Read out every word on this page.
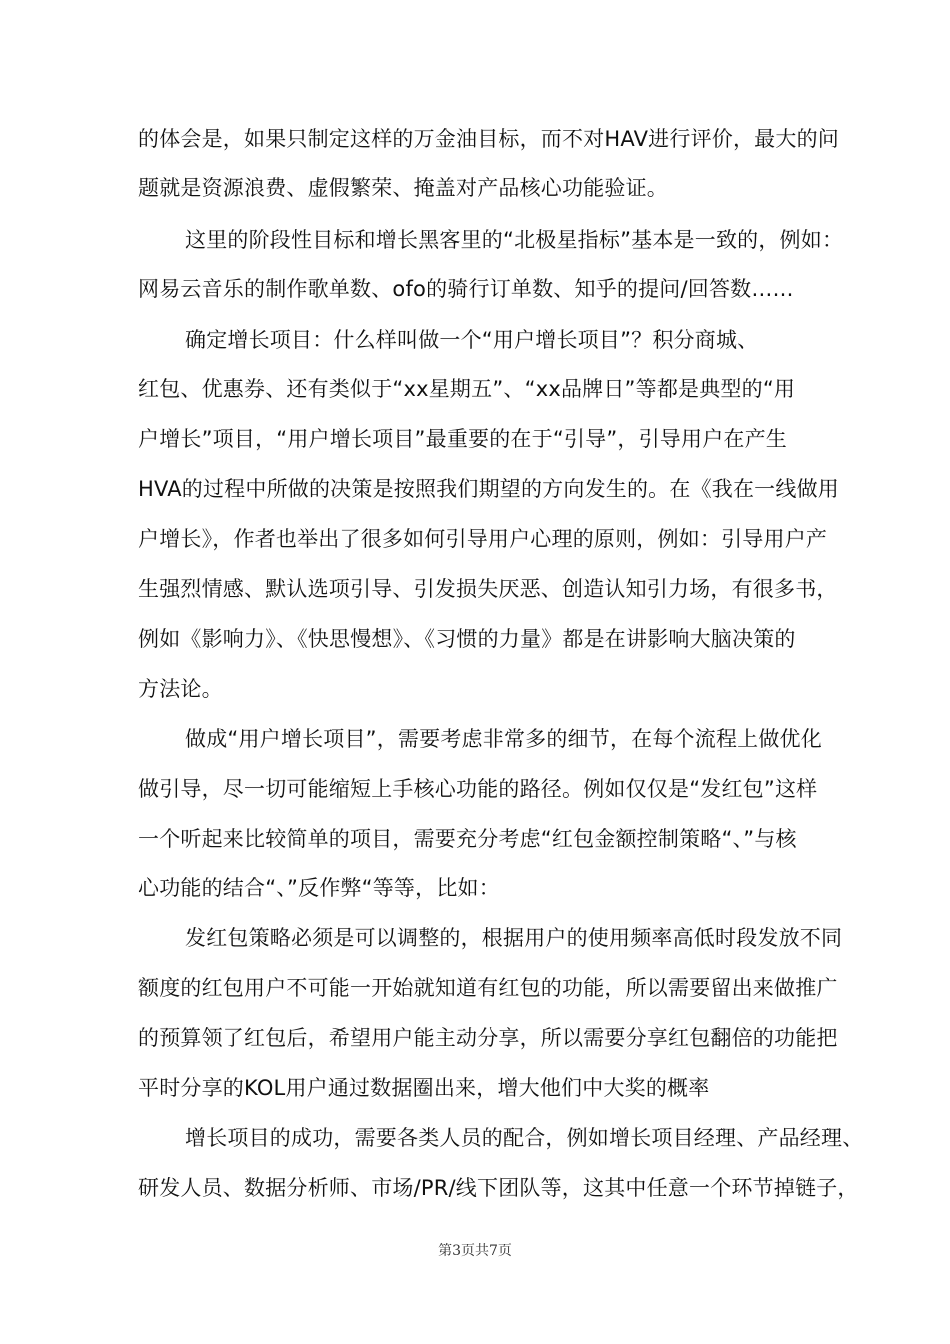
的体会是，如果只制定这样的万金油目标，而不对HAV进行评价，最大的问
题就是资源浪费、虚假繁荣、掩盖对产品核心功能验证。
这里的阶段性目标和增长黑客里的“北极星指标”基本是一致的，例如：
网易云音乐的制作歌单数、ofo的骑行订单数、知乎的提问/回答数……
确定增长项目：什么样叫做一个“用户增长项目”？积分商城、
红包、优惠券、还有类似于“xx星期五”、“xx品牌日”等都是典型的“用
户增长”项目，“用户增长项目”最重要的在于“引导”，引导用户在产生
HVA的过程中所做的决策是按照我们期望的方向发生的。在《我在一线做用
户增长》，作者也举出了很多如何引导用户心理的原则，例如：引导用户产
生强烈情感、默认选项引导、引发损失厌恶、创造认知引力场，有很多书，
例如《影响力》、《快思慢想》、《习惯的力量》都是在讲影响大脑决策的
方法论。
做成“用户增长项目”，需要考虑非常多的细节，在每个流程上做优化
做引导，尽一切可能缩短上手核心功能的路径。例如仅仅是“发红包”这样
一个听起来比较简单的项目，需要充分考虑“红包金额控制策略“、”与核
心功能的结合“、”反作弊“等等，比如：
发红包策略必须是可以调整的，根据用户的使用频率高低时段发放不同
额度的红包用户不可能一开始就知道有红包的功能，所以需要留出来做推广
的预算领了红包后，希望用户能主动分享，所以需要分享红包翻倍的功能把
平时分享的KOL用户通过数据圈出来，增大他们中大奖的概率
增长项目的成功，需要各类人员的配合，例如增长项目经理、产品经理、
研发人员、数据分析师、市场/PR/线下团队等，这其中任意一个环节掉链子，
第3页共7页
